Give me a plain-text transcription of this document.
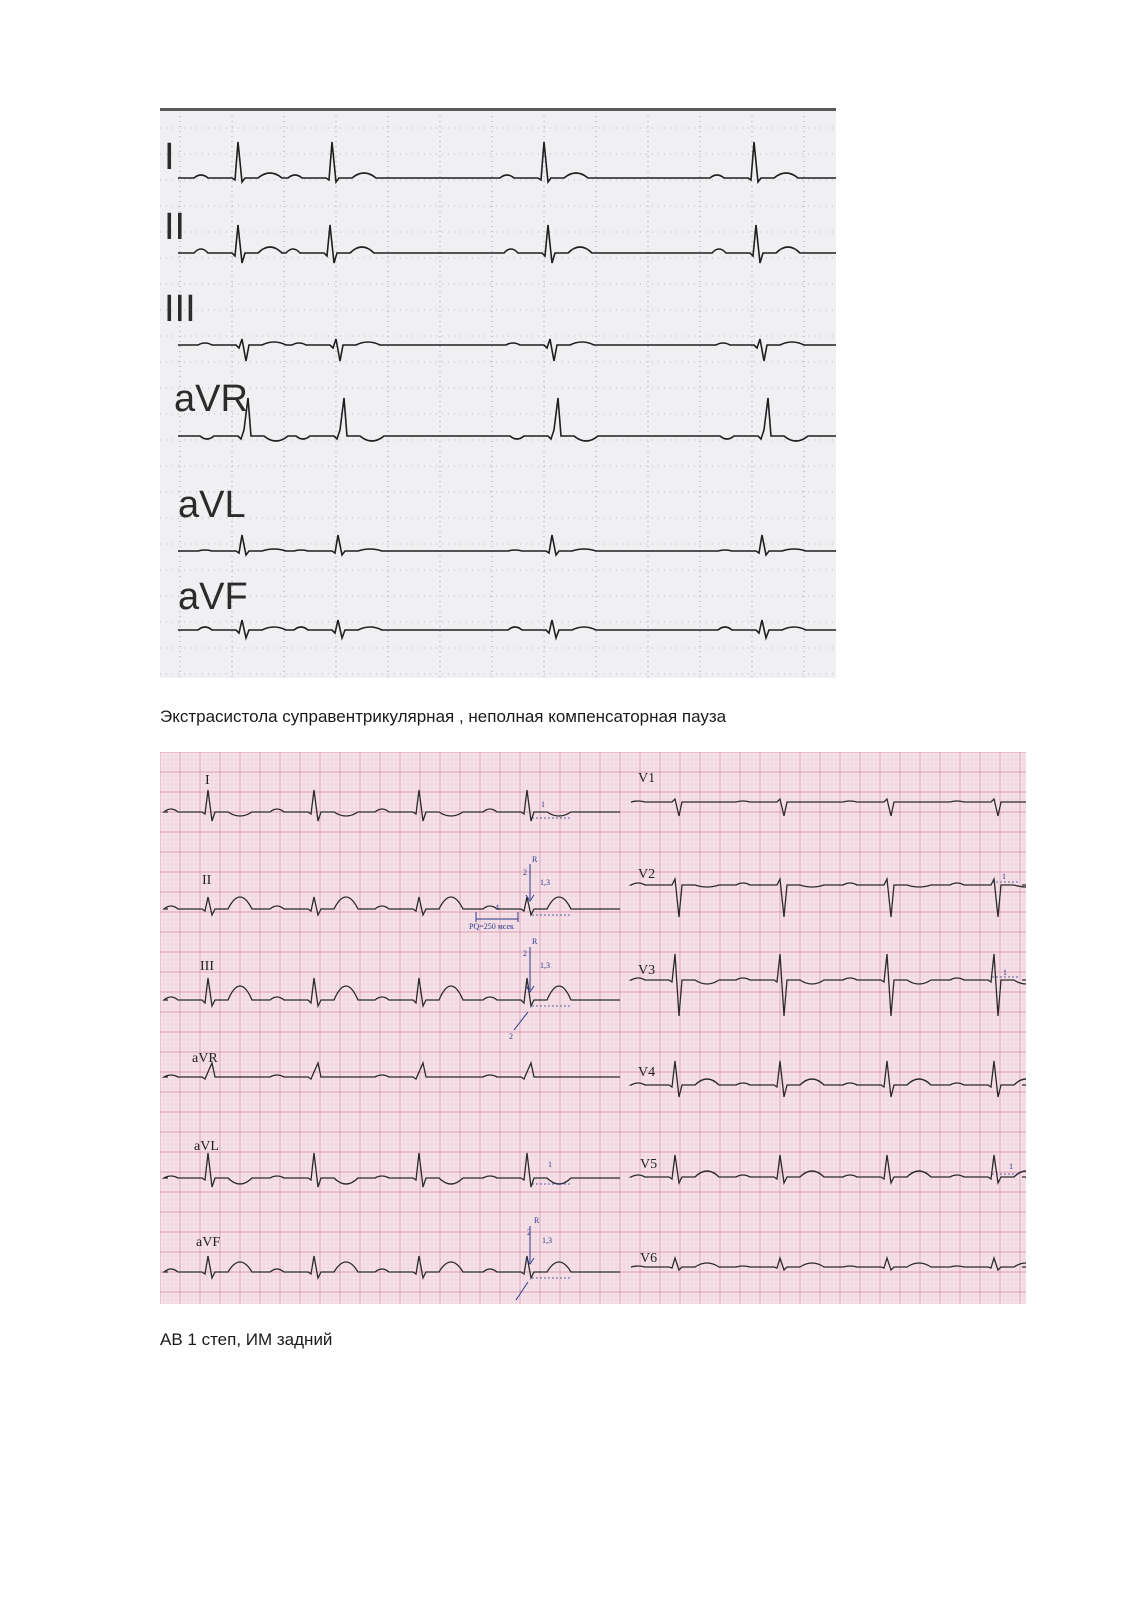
I
II
III
aVR
aVL
aVF
Экстрасистола суправентрикулярная , неполная компенсаторная пауза
I
II
III
aVR
aVL
aVF
V1
V2
V3
V4
V5
V6
4
PQ=250 мсек
R
R
R
2
2
2
2
1,3
1,3
1,3
1
1
1
1
1
АВ 1 степ, ИМ задний
